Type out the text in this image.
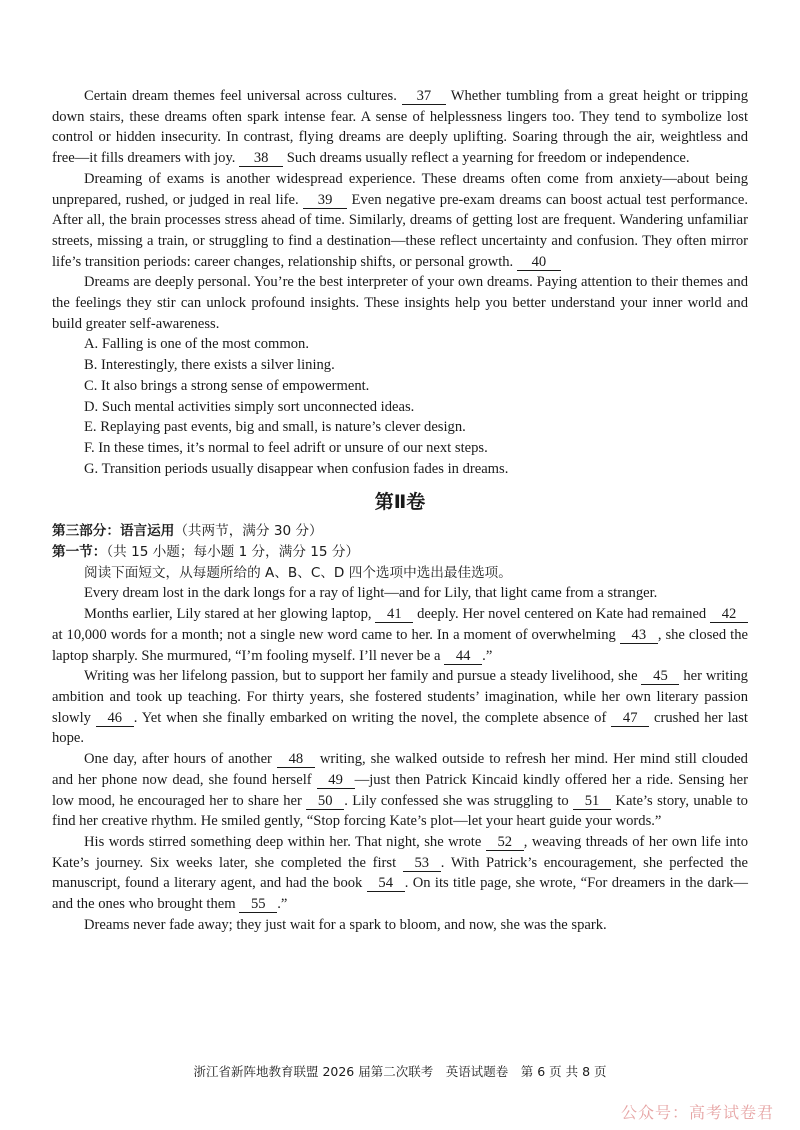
Certain dream themes feel universal across cultures. 37 Whether tumbling from a great height or tripping down stairs, these dreams often spark intense fear. A sense of helplessness lingers too. They tend to symbolize lost control or hidden insecurity. In contrast, flying dreams are deeply uplifting. Soaring through the air, weightless and free—it fills dreamers with joy. 38 Such dreams usually reflect a yearning for freedom or independence.

Dreaming of exams is another widespread experience. These dreams often come from anxiety—about being unprepared, rushed, or judged in real life. 39 Even negative pre-exam dreams can boost actual test performance. After all, the brain processes stress ahead of time. Similarly, dreams of getting lost are frequent. Wandering unfamiliar streets, missing a train, or struggling to find a destination—these reflect uncertainty and confusion. They often mirror life’s transition periods: career changes, relationship shifts, or personal growth. 40

Dreams are deeply personal. You’re the best interpreter of your own dreams. Paying attention to their themes and the feelings they stir can unlock profound insights. These insights help you better understand your inner world and build greater self-awareness.

A. Falling is one of the most common.

B. Interestingly, there exists a silver lining.

C. It also brings a strong sense of empowerment.

D. Such mental activities simply sort unconnected ideas.

E. Replaying past events, big and small, is nature’s clever design.

F. In these times, it’s normal to feel adrift or unsure of our next steps.

G. Transition periods usually disappear when confusion fades in dreams.

第Ⅱ卷

第三部分：语言运用（共两节，满分 30 分）

第一节：（共 15 小题；每小题 1 分，满分 15 分）

阅读下面短文，从每题所给的 A、B、C、D 四个选项中选出最佳选项。

Every dream lost in the dark longs for a ray of light—and for Lily, that light came from a stranger.

Months earlier, Lily stared at her glowing laptop, 41 deeply. Her novel centered on Kate had remained 42 at 10,000 words for a month; not a single new word came to her. In a moment of overwhelming 43 , she closed the laptop sharply. She murmured, “I’m fooling myself. I’ll never be a 44 .”

Writing was her lifelong passion, but to support her family and pursue a steady livelihood, she 45 her writing ambition and took up teaching. For thirty years, she fostered students’ imagination, while her own literary passion slowly 46 . Yet when she finally embarked on writing the novel, the complete absence of 47 crushed her last hope.

One day, after hours of another 48 writing, she walked outside to refresh her mind. Her mind still clouded and her phone now dead, she found herself 49 —just then Patrick Kincaid kindly offered her a ride. Sensing her low mood, he encouraged her to share her 50 . Lily confessed she was struggling to 51 Kate’s story, unable to find her creative rhythm. He smiled gently, “Stop forcing Kate’s plot—let your heart guide your words.”

His words stirred something deep within her. That night, she wrote 52 , weaving threads of her own life into Kate’s journey. Six weeks later, she completed the first 53 . With Patrick’s encouragement, she perfected the manuscript, found a literary agent, and had the book 54 . On its title page, she wrote, “For dreamers in the dark—and the ones who brought them 55 .”

Dreams never fade away; they just wait for a spark to bloom, and now, she was the spark.

浙江省新阵地教育联盟 2026 届第二次联考　英语试题卷　第 6 页 共 8 页
公众号：高考试卷君
